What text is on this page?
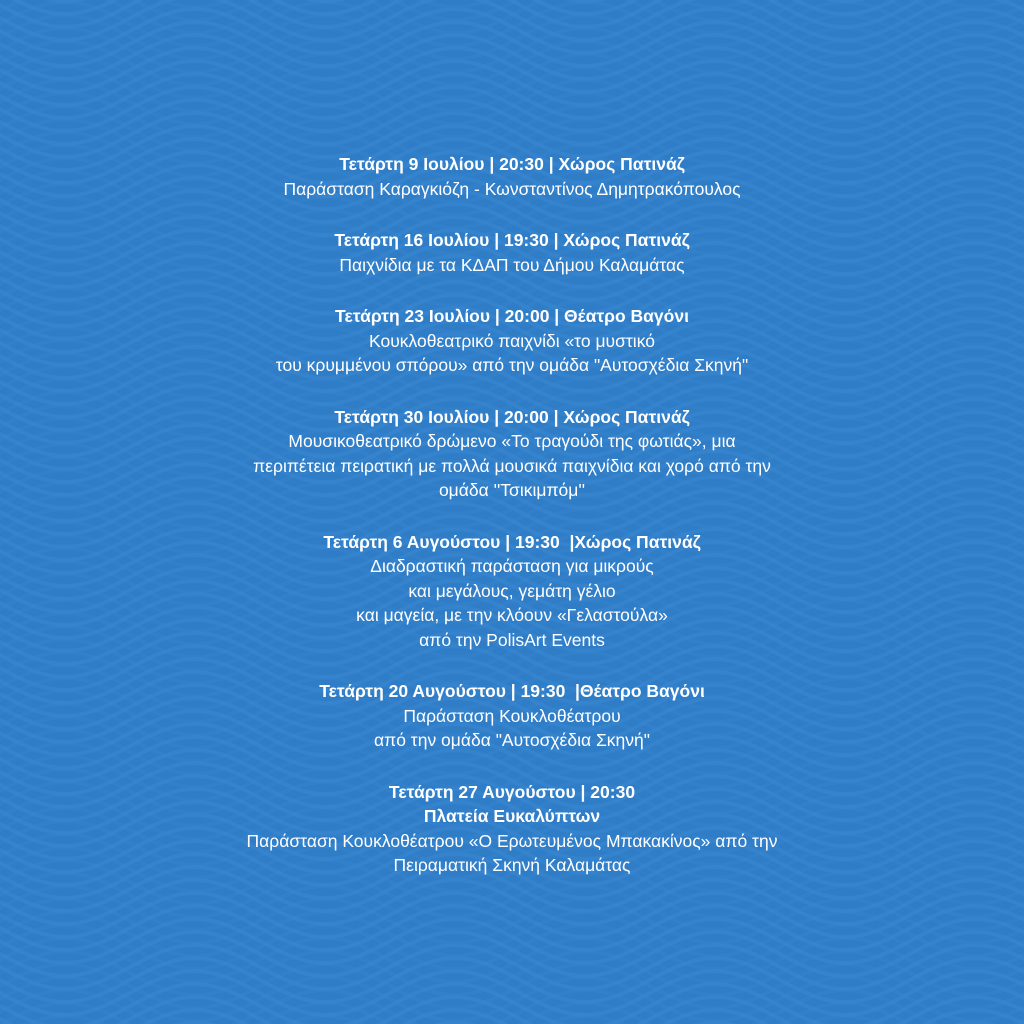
Τετάρτη 9 Ιουλίου | 20:30 | Χώρος Πατινάζ
Παράσταση Καραγκιόζη - Κωνσταντίνος Δημητρακόπουλος
Τετάρτη 16 Ιουλίου | 19:30 | Χώρος Πατινάζ
Παιχνίδια με τα ΚΔΑΠ του Δήμου Καλαμάτας
Τετάρτη 23 Ιουλίου | 20:00 | Θέατρο Βαγόνι
Κουκλοθεατρικό παιχνίδι «το μυστικό
του κρυμμένου σπόρου» από την ομάδα "Αυτοσχέδια Σκηνή"
Τετάρτη 30 Ιουλίου | 20:00 | Χώρος Πατινάζ
Μουσικοθεατρικό δρώμενο «Το τραγούδι της φωτιάς», μια
περιπέτεια πειρατική με πολλά μουσικά παιχνίδια και χορό από την
ομάδα ''Τσικιμπόμ''
Τετάρτη 6 Αυγούστου | 19:30  |Χώρος Πατινάζ
Διαδραστική παράσταση για μικρούς
και μεγάλους, γεμάτη γέλιο
και μαγεία, με την κλόουν «Γελαστούλα»
από την PolisArt Events
Τετάρτη 20 Αυγούστου | 19:30  |Θέατρο Βαγόνι
Παράσταση Κουκλοθέατρου
από την ομάδα "Αυτοσχέδια Σκηνή"
Τετάρτη 27 Αυγούστου | 20:30
Πλατεία Ευκαλύπτων
Παράσταση Κουκλοθέατρου «Ο Ερωτευμένος Μπακακίνος» από την
Πειραματική Σκηνή Καλαμάτας
